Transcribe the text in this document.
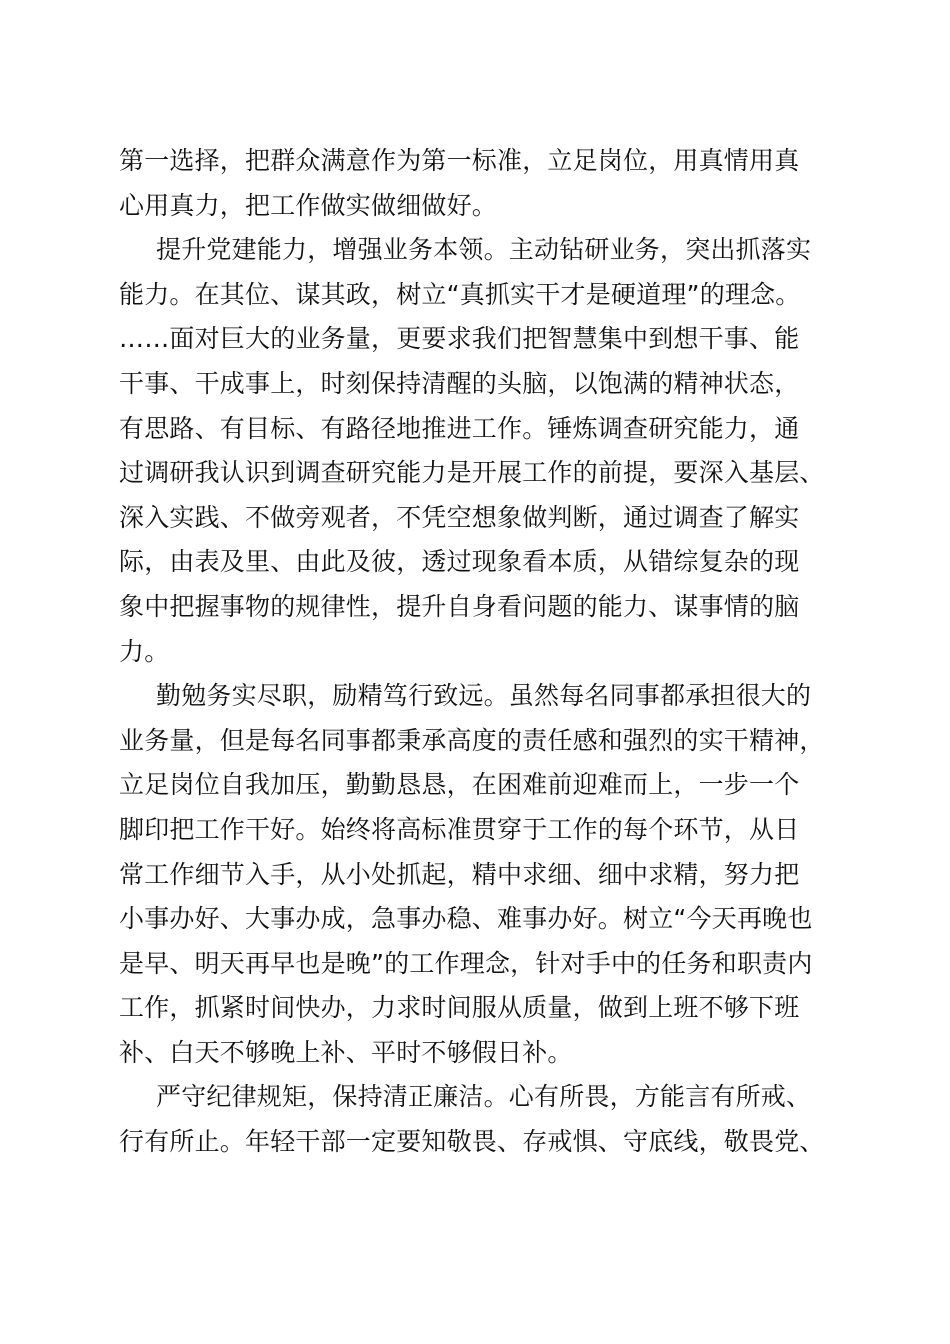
第一选择，把群众满意作为第一标准，立足岗位，用真情用真
心用真力，把工作做实做细做好。
提升党建能力，增强业务本领。主动钻研业务，突出抓落实
能力。在其位、谋其政，树立“真抓实干才是硬道理”的理念。
……面对巨大的业务量，更要求我们把智慧集中到想干事、能
干事、干成事上，时刻保持清醒的头脑，以饱满的精神状态，
有思路、有目标、有路径地推进工作。锤炼调查研究能力，通
过调研我认识到调查研究能力是开展工作的前提，要深入基层、
深入实践、不做旁观者，不凭空想象做判断，通过调查了解实
际，由表及里、由此及彼，透过现象看本质，从错综复杂的现
象中把握事物的规律性，提升自身看问题的能力、谋事情的脑
力。
勤勉务实尽职，励精笃行致远。虽然每名同事都承担很大的
业务量，但是每名同事都秉承高度的责任感和强烈的实干精神，
立足岗位自我加压，勤勤恳恳，在困难前迎难而上，一步一个
脚印把工作干好。始终将高标准贯穿于工作的每个环节，从日
常工作细节入手，从小处抓起，精中求细、细中求精，努力把
小事办好、大事办成，急事办稳、难事办好。树立“今天再晚也
是早、明天再早也是晚”的工作理念，针对手中的任务和职责内
工作，抓紧时间快办，力求时间服从质量，做到上班不够下班
补、白天不够晚上补、平时不够假日补。
严守纪律规矩，保持清正廉洁。心有所畏，方能言有所戒、
行有所止。年轻干部一定要知敬畏、存戒惧、守底线，敬畏党、
